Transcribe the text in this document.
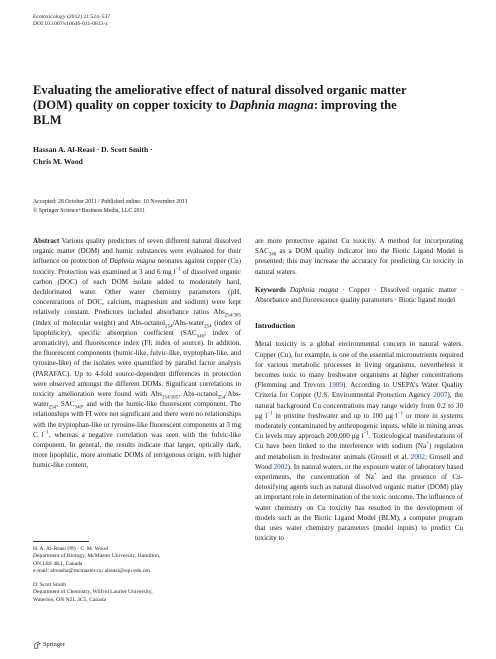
Ecotoxicology (2012) 21:524–537
DOI 10.1007/s10646-011-0813-z
Evaluating the ameliorative effect of natural dissolved organic matter (DOM) quality on copper toxicity to Daphnia magna: improving the BLM
Hassan A. Al-Reasi · D. Scott Smith ·
Chris M. Wood
Accepted: 28 October 2011 / Published online: 10 November 2011
© Springer Science+Business Media, LLC 2011

Abstract Various quality predictors of seven different natural dissolved organic matter (DOM) and humic substances were evaluated for their influence on protection of Daphnia magna neonates against copper (Cu) toxicity. Protection was examined at 3 and 6 mg $l^{-1}$ of dissolved organic carbon (DOC) of each DOM isolate added to moderately hard, dechlorinated water. Other water chemistry parameters (pH, concentrations of DOC, calcium, magnesium and sodium) were kept relatively constant. Predictors included absorbance ratios Abs$_{254/365}$ (index of molecular weight) and Abs-octanol$_{254}$/Abs-water$_{254}$ (index of lipophilicity), specific absorption coefficient ($SAC_{340}$; index of aromaticity), and fluorescence index (FI; index of source). In addition, the fluorescent components (humic-like, fulvic-like, tryptophan-like, and tyrosine-like) of the isolates were quantified by parallel factor analysis (PARAFAC). Up to 4-fold source-dependent differences in protection were observed amongst the different DOMs. Significant correlations in toxicity amelioration were found with Abs$_{254/365}$, Abs-octanol$_{254}$/Abs-water$_{254}$, $SAC_{340}$, and with the humic-like fluorescent component. The relationships with FI were not significant and there were no relationships with the tryptophan-like or tyrosine-like fluorescent components at 3 mg C $l^{-1}$, whereas a negative correlation was seen with the fulvic-like component. In general, the results indicate that larger, optically dark, more lipophilic, more aromatic DOMs of terrigenous origin, with higher humic-like content,

are more protective against Cu toxicity. A method for incorporating $SAC_{340}$ as a DOM quality indicator into the Biotic Ligand Model is presented; this may increase the accuracy for predicting Cu toxicity in natural waters.

Keywords Daphnia magna · Copper · Dissolved organic matter · Absorbance and fluorescence quality parameters · Biotic ligand model

Introduction

Metal toxicity is a global environmental concern in natural waters. Copper (Cu), for example, is one of the essential micronutrients required for various metabolic processes in living organisms, nevertheless it becomes toxic to many freshwater organisms at higher concentrations (Flemming and Trevors 1989). According to USEPA’s Water Quality Criteria for Copper (U.S. Environmental Protection Agency 2007), the natural background Cu concentrations may range widely from 0.2 to 30 μg $l^{-1}$ in pristine freshwater and up to 100 μg $l^{-1}$ or more in systems moderately contaminated by anthropogenic inputs, while in mining areas Cu levels may approach 200,000 μg $l^{-1}$. Toxicological manifestations of Cu have been linked to the interference with sodium (Na+) regulation and metabolism in freshwater animals (Grosell et al. 2002; Grosell and Wood 2002). In natural waters, or the exposure water of laboratory based experiments, the concentration of Na+ and the presence of Cu-detoxifying agents such as natural dissolved organic matter (DOM) play an important role in determination of the toxic outcome. The influence of water chemistry on Cu toxicity has resulted in the development of models such as the Biotic Ligand Model (BLM), a computer program that uses water chemistry parameters (model inputs) to predict Cu toxicity to

H. A. Al-Reasi (✉) · C. M. Wood
Department of Biology, McMaster University, Hamilton,
ON L8S 4K1, Canada
e-mail: alreasha@mcmaster.ca; alreasi@squ.edu.om
D. Scott Smith
Department of Chemistry, Wilfrid Laurier University,
Waterloo, ON N2L 3C5, Canada
Springer
